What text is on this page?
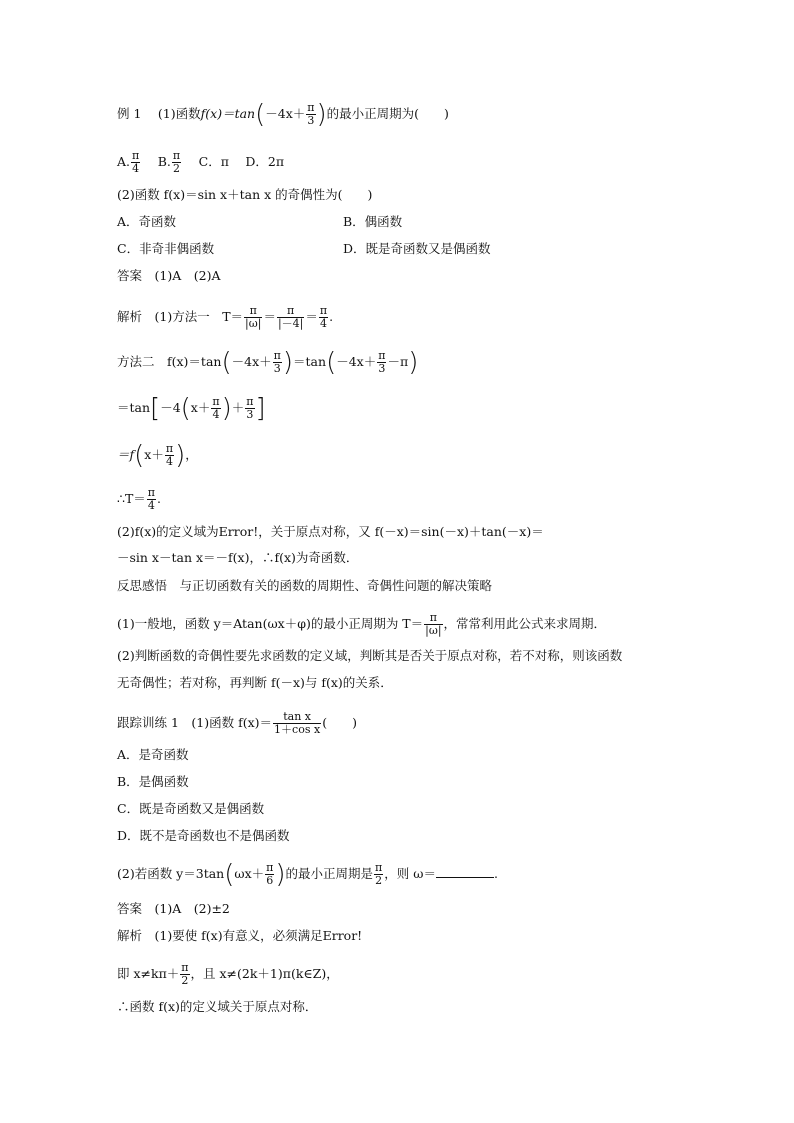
例 1　 (1)函数$f(x)=\tan(-4x+ \frac{\pi}{3}$ )的最小正周期为(　　)
A. $\frac{\pi}{4}$
　 B. $\frac{\pi}{2}$
　 C．π　 D．2π
(2)函数 f(x)＝sin x＋tan x 的奇偶性为(　　)
A．奇函数	B．偶函数
C．非奇非偶函数	D．既是奇函数又是偶函数
答案　(1)A　(2)A
解析　(1)方法一　$T= \frac{\pi}{|\omega|} = \frac{\pi}{|-4|} = \frac{\pi}{4}$ .
方法二　$f(x)=\tan(-4x+ \frac{\pi}{3} )=\tan(-4x+ \frac{\pi}{3} -\pi)$
$=\tan[-4(x+ \frac{\pi}{4}$ )＋ $\frac{\pi}{3}$ ]
$=f(x+ \frac{\pi}{4}$ )，
∴T＝ $\frac{\pi}{4}$ .
(2)f(x)的定义域为Error!，关于原点对称，又 f(－x)＝sin(－x)＋tan(－x)＝
－sin x－tan x＝－f(x)，∴f(x)为奇函数．
反思感悟　与正切函数有关的函数的周期性、奇偶性问题的解决策略
(1)一般地，函数 y＝Atan(ωx＋φ)的最小正周期为 $T= \frac{\pi}{|\omega|}$ ，常常利用此公式来求周期．
(2)判断函数的奇偶性要先求函数的定义域，判断其是否关于原点对称，若不对称，则该函数
无奇偶性；若对称，再判断 f(－x)与 f(x)的关系．
跟踪训练 1　(1)函数 $f(x)= \frac{\text{tan x}}{\text{1＋cos x}}$ (　　)
A．是奇函数
B．是偶函数
C．既是奇函数又是偶函数
D．既不是奇函数也不是偶函数
(2)若函数 $y=3\tan(\omega x+ \frac{\pi}{6}$ )的最小正周期是 $\frac{\pi}{2}$ ，则 ω＝	.
答案　(1)A　(2)±2
解析　(1)要使 f(x)有意义，必须满足Error!
即 $x\ne k\pi+ \frac{\pi}{2}$ ，且 x≠(2k＋1)π(k∈Z)，
∴函数 f(x)的定义域关于原点对称．
